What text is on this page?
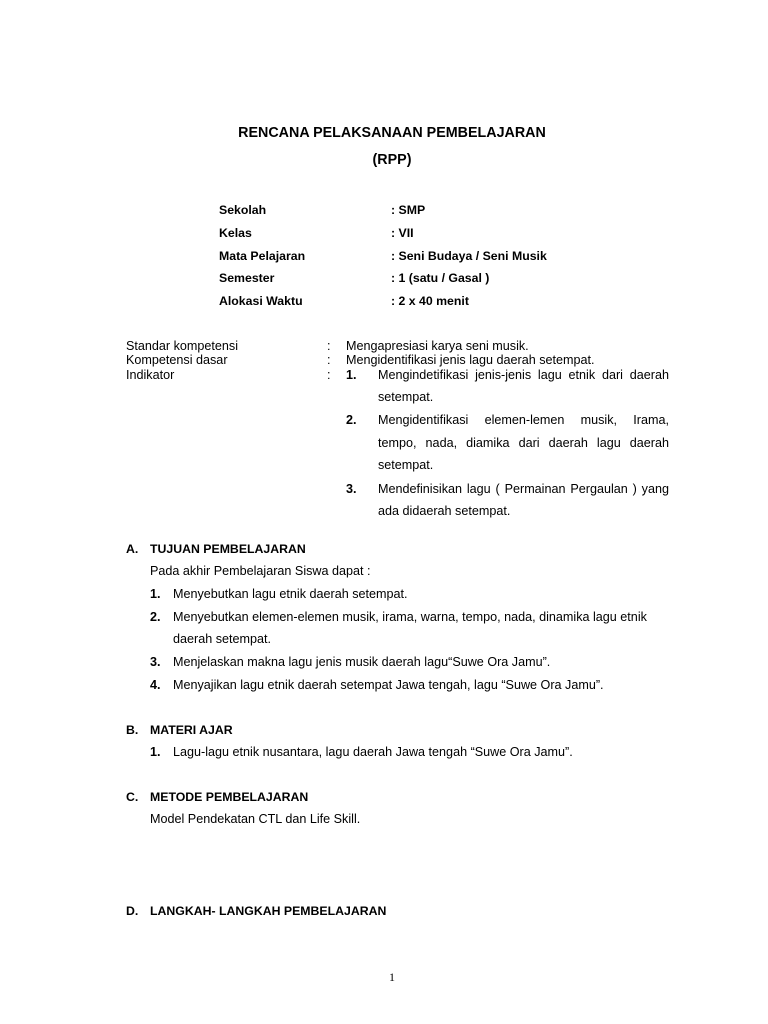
RENCANA PELAKSANAAN PEMBELAJARAN
(RPP)
Sekolah	: SMP
Kelas	: VII
Mata Pelajaran	: Seni Budaya / Seni Musik
Semester	: 1 (satu / Gasal )
Alokasi Waktu	: 2 x 40 menit
Standar kompetensi	: Mengapresiasi karya seni musik.
Kompetensi dasar	: Mengidentifikasi jenis lagu daerah setempat.
Indikator	: 1. Mengindetifikasi jenis-jenis lagu etnik dari daerah
setempat.
2. Mengidentifikasi elemen-lemen musik, Irama,
tempo, nada, diamika dari daerah lagu daerah
setempat.
3. Mendefinisikan lagu ( Permainan Pergaulan ) yang
ada didaerah setempat.
A. TUJUAN PEMBELAJARAN
Pada akhir Pembelajaran Siswa dapat :
1. Menyebutkan lagu etnik daerah setempat.
2. Menyebutkan elemen-elemen musik, irama, warna, tempo, nada, dinamika lagu etnik
daerah setempat.
3. Menjelaskan makna lagu jenis musik daerah lagu“Suwe Ora Jamu”.
4. Menyajikan lagu etnik daerah setempat Jawa tengah, lagu “Suwe Ora Jamu”.
B. MATERI AJAR
1. Lagu-lagu etnik nusantara, lagu daerah Jawa tengah “Suwe Ora Jamu”.
C. METODE PEMBELAJARAN
Model Pendekatan CTL dan Life Skill.
D. LANGKAH- LANGKAH PEMBELAJARAN
1
